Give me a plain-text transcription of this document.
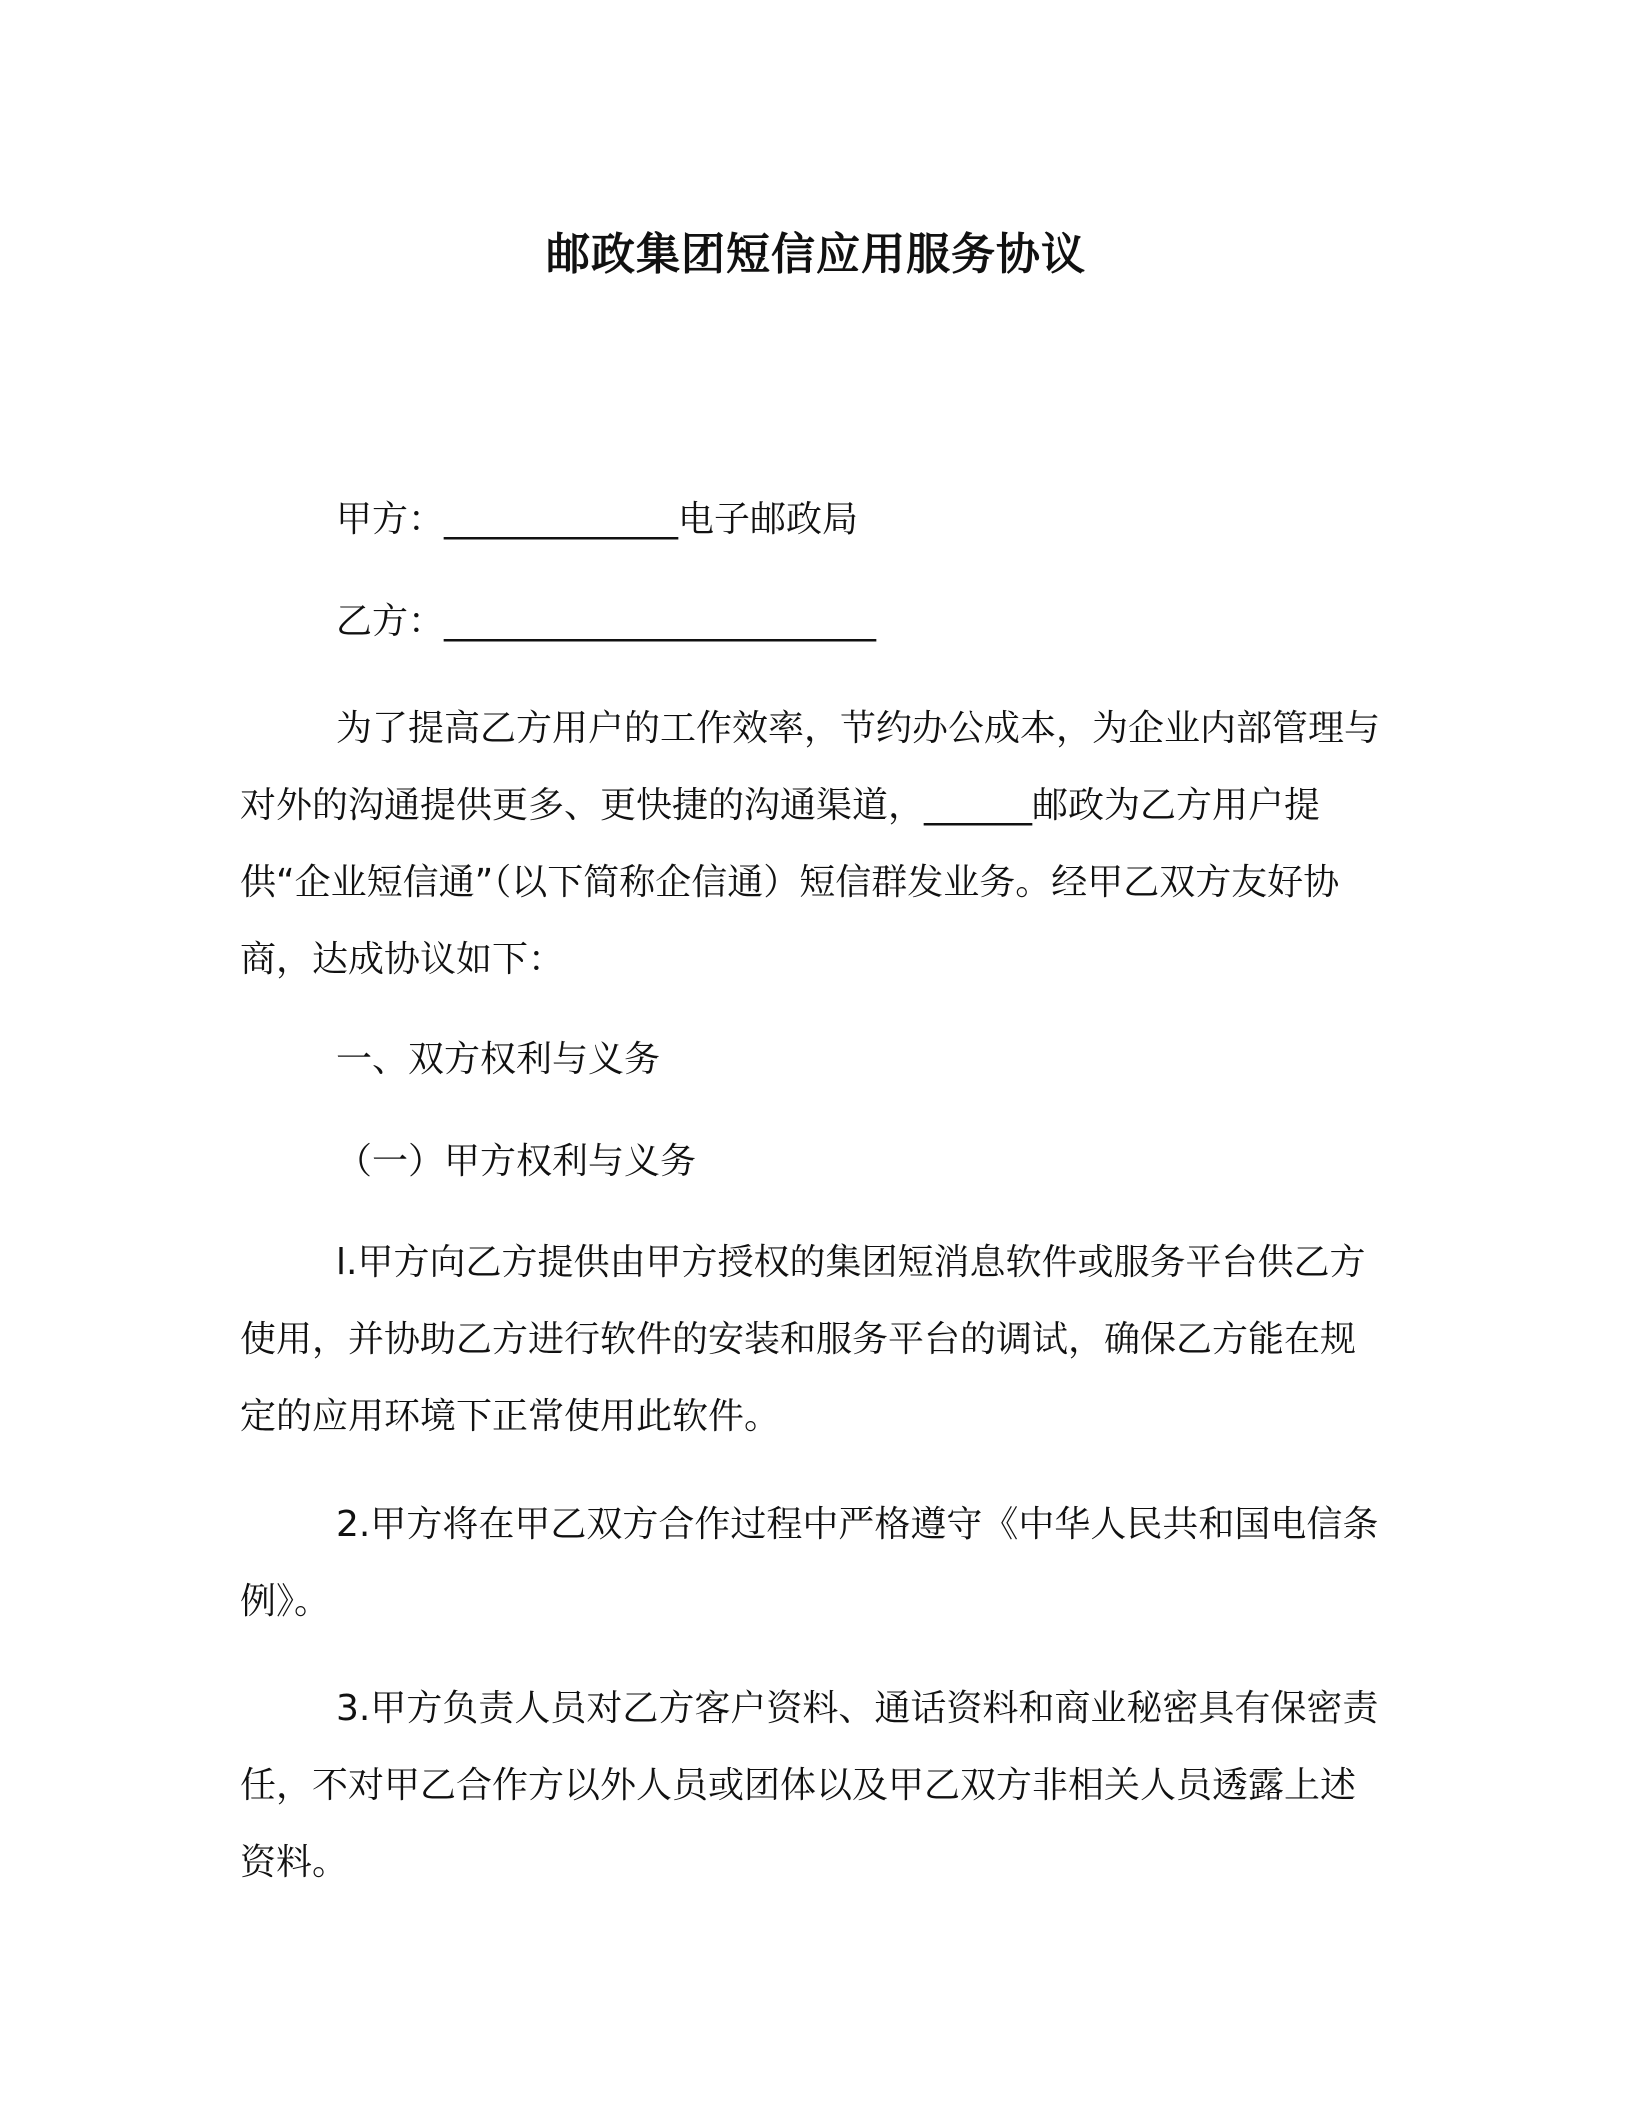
邮政集团短信应用服务协议

甲方：_____________电子邮政局

乙方：________________________

为了提高乙方用户的工作效率，节约办公成本，为企业内部管理与对外的沟通提供更多、更快捷的沟通渠道，______邮政为乙方用户提供“企业短信通”（以下简称企信通）短信群发业务。经甲乙双方友好协商，达成协议如下：

一、双方权利与义务

（一）甲方权利与义务

l.甲方向乙方提供由甲方授权的集团短消息软件或服务平台供乙方使用，并协助乙方进行软件的安装和服务平台的调试，确保乙方能在规定的应用环境下正常使用此软件。

2.甲方将在甲乙双方合作过程中严格遵守《中华人民共和国电信条例》。

3.甲方负责人员对乙方客户资料、通话资料和商业秘密具有保密责任，不对甲乙合作方以外人员或团体以及甲乙双方非相关人员透露上述资料。
